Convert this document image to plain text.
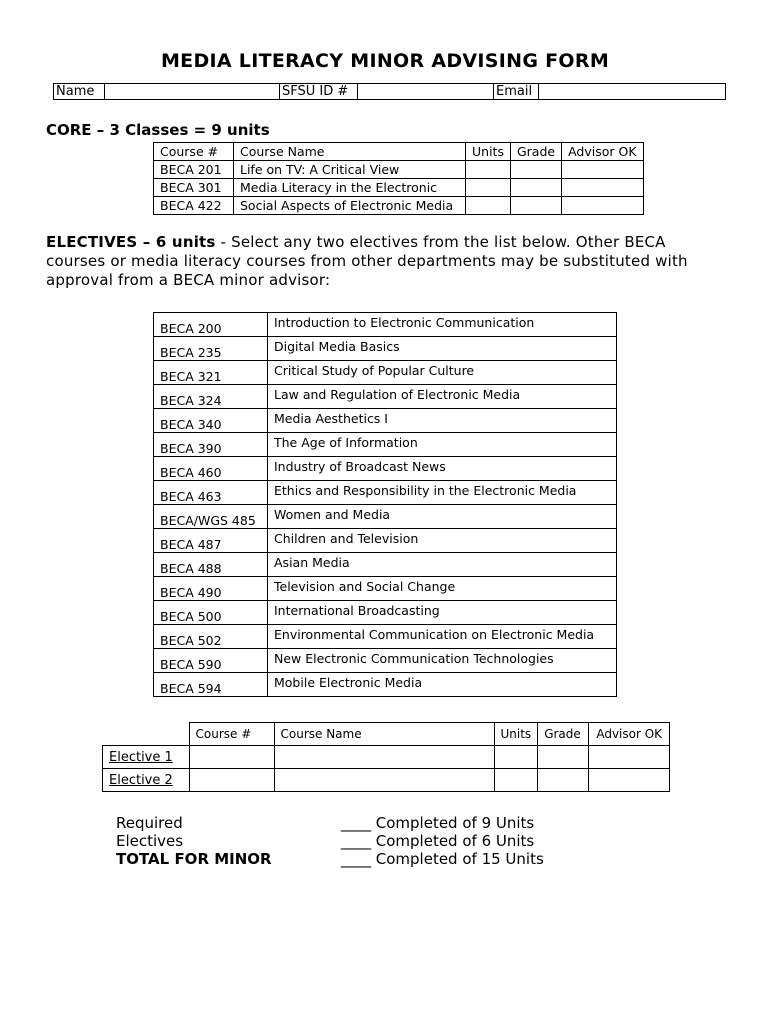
MEDIA LITERACY MINOR ADVISING FORM
Name		SFSU ID #		Email	
CORE – 3 Classes = 9 units
Course #	Course Name	Units	Grade	Advisor OK
BECA 201	Life on TV: A Critical View			
BECA 301	Media Literacy in the Electronic			
BECA 422	Social Aspects of Electronic Media			
ELECTIVES – 6 units - Select any two electives from the list below. Other BECA courses or media literacy courses from other departments may be substituted with approval from a BECA minor advisor:
BECA 200	Introduction to Electronic Communication
BECA 235	Digital Media Basics
BECA 321	Critical Study of Popular Culture
BECA 324	Law and Regulation of Electronic Media
BECA 340	Media Aesthetics I
BECA 390	The Age of Information
BECA 460	Industry of Broadcast News
BECA 463	Ethics and Responsibility in the Electronic Media
BECA/WGS 485	Women and Media
BECA 487	Children and Television
BECA 488	Asian Media
BECA 490	Television and Social Change
BECA 500	International Broadcasting
BECA 502	Environmental Communication on Electronic Media
BECA 590	New Electronic Communication Technologies
BECA 594	Mobile Electronic Media
	Course #	Course Name	Units	Grade	Advisor OK
Elective 1					
Elective 2					
Required	____ Completed of 9 Units
Electives	____ Completed of 6 Units
TOTAL FOR MINOR	____ Completed of 15 Units
